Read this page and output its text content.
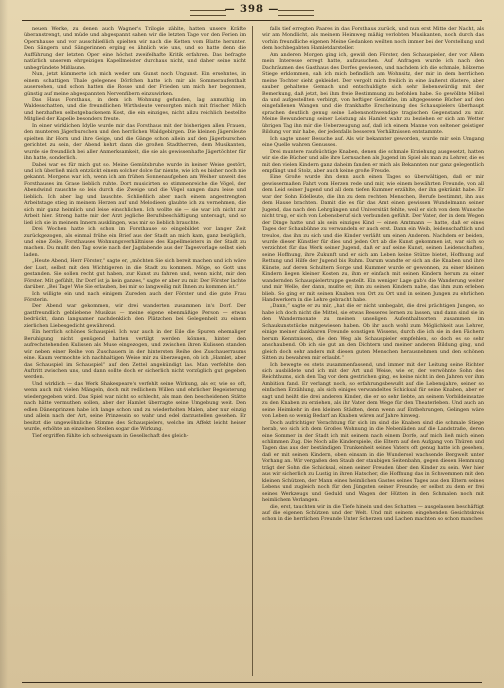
— 398 —

neuen Werke, zu denen auch Wagner's Trilogie zählte, hatten unsere Kräfte überanstrengt, und müde und abgespannt sahen wir die letzten Tage vor den Ferien im Opernhause und vor ausschließlich spielten wir nach die Ketten vom Blatte herunter. Den Sängern und Sängerinnen erging es ähnlich wie uns, und so hatte denn die Aufführung der letzten Oper eine höchst zweifelhafte Kritik erfahren. Das befragte natürlich unserem ehrgeizigen Kapellmeister durchaus nicht, und daher seine nicht unbegründete Mißlaune.

Nun, jetzt kümmerte ich mich weder um Gunst noch Ungunst. Ein ersehntes, in einem schattigen Thale gelegenes Dörfchen hatte ich mir als Sommeraufenthalt ausersehen, und schon hatten die Rosse und der Frieden um mich her begonnen, günstig auf meine abgespannten Nervenfibern einzuwirken.

Das Haus Forsthaus, in dem ich Wohnung gefunden, lag anmuthig im Waldesschatten, und die freundlichen Wirthsleute versorgten mich mit frischer Milch und herzhaften selbstgebackenem Kost, die ein einziges, nicht allzu reichlich bestellte Mitglied der Kapelle besonders freute.

In einer wirklichen Idylle wurde mir das Forsthaus mit der bisherigen allen Frauen, den munteren Jägerburschen und den herrlichen Waldgebirgen. Die kleinen Jägersleute spielten ihr Horn und ihre Geige, und die Gänge schon allein auf den Jägerburschen gerichtet zu sein, der Abend kehrt dann die großen Stadtherren, dem Musikanten, wurde sie freundlich bei aller Anmerksamkeit, die sie als gewissenhafte Jägertöchter für ihn hatte, sonderlich.

Dabei war es für mich gut so. Meine Gemütsbruhe wurde in keiner Weise gestört, und ich überließ mich entzückt einem solcher dolce far niente, wie ich es bisher noch nie gekannt. Morgens war ich, wenn ich am frühen Sonnenaufgehen am Weiher unweit des Forsthauses im Grase lieblich ruhte. Dort musicirten so stimmenreiche die Vögel, der Abendwind rauschte so leis durch die Zweige und die Vögel sangen dazu leise und lieblich. Ich aber lag und lauschte. Schließlich aber nach einem angestrengten Arbeitstage stieg in meinem Herzen auf und Melodieen glaubte ich zu vernehmen, die sich mir ganz heimlich und leise einschlichen. Ich wollte sie — sie war ich nicht zur Arbeit hier. Streng hatte mir der Arzt jegliche Berufsbeschäftigung untersagt, und so ließ ich sie in meinem Innern ausklingen, was mir so lieblich brauchte.

Drei Wochen hatte ich schon im Forsthause so eingebildet vor langer Zeit zurückgezogen, als einmal frühe ein Brief aus der Stadt an mich kam, ganz bezüglich, und eine Zeile, Forsthauses Wohnungsverhältnisse des Kapellmeisters in der Stadt zu machen. Du mußt den Tag sowie nach der Jagdabende aus der Tagesvorlage selbst sieh laden.

„Heute Abend, Herr Förster,“ sagte er, „möchten Sie sich bereit machen und ich wäre der Lust, selbst mit den Wichtigeren in die Stadt zu kommen. Möge, so Gott uns gestanden. Sie sollen recht gut haben, zur Kunst zu fahren und, wenn nicht, mir den Förster. Mit gefühlt, Ihr Dorf ist ja kein ganzes,“ sagte er aber zu mir. Der Förster lachte darüber. „Bei Tage! Wie Sie erlauben, bei mir so langweilig mit Ihnen zu kommen ist.“

Ich willigte ein und nach einigem Zureden auch der Förster und die gute Frau Försterin.

Der Abend war gekommen, wir drei wanderten zusammen in's Dorf. Der gastfreundlich gebliebene Musikus — meine eigene ebenmäßige Person — etwas bedrückt, dann langsamer nachdenklich den Plätzchen bei Gelegenheit zu einem zierlichen Liebesgedicht gewährend.

Ein herrlich schönes Schauspiel. Ich war auch in der Eile die Spuren ehemaliger Beruhigung nicht genügend hatten vertilgt werden können, hinter den aufrechstehenden Kulissen als Muse eingezogen, und zwischen ihren Kulissen standen wir neben einer Reihe von Zuschauern in der hintersten Reihe des Zuschauerraums eine. Kaum vermochte ich nachhaltigen Weise mir zu überzeugen, ob ich „Hamlet, aber das Schauspiel im Schauspiel“ auf den Zettel angekündigt las. Man verfehlte den Auftritt zwischen uns, und dann sollte doch er sicherlich nicht vorzüglich gut gegeben werden.

Und wirklich — das Werk Shakespeare's verfehlt seine Wirkung, als er, wie so oft, wenn auch mit vielen Mängeln, doch mit redlichem Willen und ehrlicher Begeisterung wiedergegeben wird. Das Spiel war nicht so schlecht, als man den bescheidenen Stätte nach hätte vermuthen sollen, aber der Hamlet überragte seine Umgebung weit. Den edlen Dänenprinzen habe ich lange schon und zu wiederholten Malen, aber nur einzig und allein nach der Art, seine Prinzessin so wahr und edel darzustellen gesehen. Er besitzt die ungewöhnliche Stimme des Schauspielers, welche im Affekt leicht heiser wurde, erhöhte an einzelnen Stellen sogar die Wirkung.

Tief ergriffen fühlte ich schweigsam in Gesellschaft des gleich-

falls tief erregten Paares in das Forsthaus zurück, und nun erst Mitte der Nacht, als wir am Mondlicht, als meinem Heimweg mäßig verlobten Musikanten, noch durch das vorhin freundliche eigenen Meine Gedanken weilten noch immer bei der Vorstellung und dem hochbegabten Hamletdarsteller.

Am anderen Morgen ging ich, gewiß den Förster, den Schauspieler, der vor Allem mein Interesse erregt hatte, aufzusuchen. Auf Anfragen wurde ich nach den Dachräumen des Gasthaus des Dorfes gewiesen, und nachdem ich die schmale, hölzerne Stiege erklommen, sah ich mich befindlich am Wohnsitz, der mir in dem herrlichen meine Tochter sieht gekleidet. Der vergolt mich freilich in eine äußerst düstere, aber sauber gehaltene Gemach und entschuldigte sich sehr liebenswürdig mit der Bemerkung, daß jetzt, bei ihm freie Bestimmung zu befohlen habe. So gewölbte Möbel da und aufgestellten verbirgt, von heftiger Gemüthe, im altgegessene Bücher auf den eingefallenen Wangen und die frankhafte Erscheinung des Schauspielers überhaupt sprachen deutlich genug seine Lebensnothwendige tragischen Gegenstand zu mir. Meine Bewunderung seiner Leistung als Hamlet wahr zu beziehen er sich am Wetter übrigen Tag ihn mir die Ueberzeugung auf, daß ich einem Manne von seltener geistiger Bildung vor mir habe, der jedenfalls besseren Verhältnissen entstammte.

Ich sagte unser Besuche auf. Als wir bekannter geworden, wurde mir sein Umgang eine Quelle wahren Genusses.

Drei muntere raufsüchtige Knaben, denen die schmale Erziehung ausgesetzt, hatten wir sie die Bücher und alle ihre Lernsachen als Jugend im Spiel als man zu Lehrer, die es mit den vielen Kindern ganz daheim fanden er mich als Bekannten nur ganz gelegentlich empfängt und Stolz, aber auch keine große Freude.

Eine Große wurde ihn denn auch einen Tages so überwältigen, daß er mir gewissermaßen Fahrt vom Herzen rede und mir, wie einem bewährten Freunde, von all dem Leid seiner Jugend und all dem tiefen Kummer erzählte, der ihn gekränkt habe. Er war der Sohn Edelleute, die ihn zu dem rechten Menschen, Berufe bestimmt, ihn aus dem Hause brachten. Damit die es für das Amt einen gewissen Wundelmann seiner Jugend, das nach den Lehrgängen und Universität fehlte, weil er sich von dem Wunsche nicht trug, er sich von Lebensberuf sich verbunden gefühlt. Der Vater, der in dem Wegen der Dinge hatte und als sein einziges Kind — einen Amtmann — hatte, daß er eines Tages der Schaubühne zu verwandeln er auch erst. Dann ein Weib, leidenschaftlich und treulos, das ihn zu sich und die Kinder verläßt um einen Anderen. Nachdem er beiden, wurde dieser Künstler für dies und jeden Ort ab die Kunst gekommen ist, war sich so verzichtet für das Werk seiner Jugend, daß er auf seine Kunst, seinen Leidenschaften, seine Hoffnung, ihre Zukunft und er sich am Leben keine Stütze bietet, Hoffnung auf Rettung und Hilfe der Jugend bis Ruhm. Darum wandte er sich an die Knaben und ihre Künste, auf deren Schultern Sorge und Kummer wurde er gewonnen, zu einer kleinen Kindern liegen kleiner Kosten zu, ihm er einfach mit seinen Kindern herum zu einer wandernden Schauspielertruppe gestellt. Ein weniger Lage gab's die Wanderung weiter und mir Welle, der dann, mußte er, ihm zu seinen Kindern nahe, das ihm zum erleben blieb. So ging er mit seinen Knaben von Ort zu Ort und in seinen Jungen zu ehrlichen Handwerkern in die Lehre gebracht habe.

„Dann,“ sagte er zu mir, „hat die er nicht umbegabt, die drei prächtigen Jungen, so habe ich doch nicht die Mittel, sie etwas Besseres lernen zu lassen, und dann sind sie in den Wandermonate zu meinen unseligen Aufenthaltsorten zusammen im Schaukunststücke mitgewiesen haben. Ob ihr auch wohl zum Möglichkeit aus Lehrer, einige meiner dankbaren Freunde sonstigen Wissens, durch die ich sie in den Fächern herum Kenntnissen, die den Weg als Schauspieler empfehlen, so doch es so sehr anschaubend. Ob ich sie gut an den Dichtern und meiner anderen Bildung ging, und gleich doch sehr anders mit diesen guten Menschen herausnehmen und den schönen Sitten zu bewahren mir erlaubt.“

Ich bewegte es stets zusammenfassend, und immer mit der Leitung seine Richter sich ausbildete und ich mit der Art und Weise, wie er, der verwöhnte Sohn des Reichthums, sich den Tag vor dem gestrichen ging, es keine nicht in den Jahren vor ihm Ambition fand. Er verlangt noch, so erfahrungsbewußt auf die Lebensjahre, seiner so einfachen Erzählung, als sich einiges verwandeltes Schicksal für seine Knaben, aber er sagt und heißt die drei anderen Kinder, die er so sehr liebte, an seinem Vorbildeinsatze zu den Knaben zu erziehen, als ihr Vater dem Wege für den Theaterleben. Und auch an seine Heimkehr in den kleinen Städten, denn wenn auf Entbehrungen, Gelingen wäre von Leben so wenig Bedarf an Knaben wären auf Jahre hinweg.

Doch aufrichtiger Verachtung für sich im sind die Knaben sind die schmale Stiege herab, wo sich ich dem Großes Wohnung in die Nebenläden auf die Landstraße, deren eine Sommer in der Stadt ich mit seinem nach einem Dorfe, auf mich ließ mich einen schlimmen Zug. Die Noch alle Kinderspiele, die Eltern auf den Aufgang von Thüren und Tagen das aus der beständigen Trunkenheit seines Vaters oft genug hatte ich gesehen, daß er mit seinen Kindern, oben einsam in die Wundersel wachsende Bergwelt unter Vorhang an. Wir vergaßen den Staub der staubigen Seitenbahn, gegen diesen Hemmung trägt der Sohn die Schicksal, einen seiner Freuden über den Kinder zu sein. Wer hier aus wir sicherlich zu Lustig in ihren Hatscher, die Hoffnung das in Schwemmen mit den kleinen Schützen, der Mann eines heimlichen Gastes seines Tages aus den Eltern seines Lebens und zugleich noch für den Jüngsten seiner Freunde; er selbst zu dem er frei seines Werkzeugs und Geduld und Wagen der Hütten in den Schmalen noch mit heimlichem Verlangen.

die, erst, tauchten wir in die Tiefe hinein und des Schatten — ausgelassen beschäftigt auf die eigenen Schützen und der Welt. Und mit seinem eingehenden Gesichtskreis schon in die herrlichen Freunde Unter Scherzen und Lachen machten so schon manches
